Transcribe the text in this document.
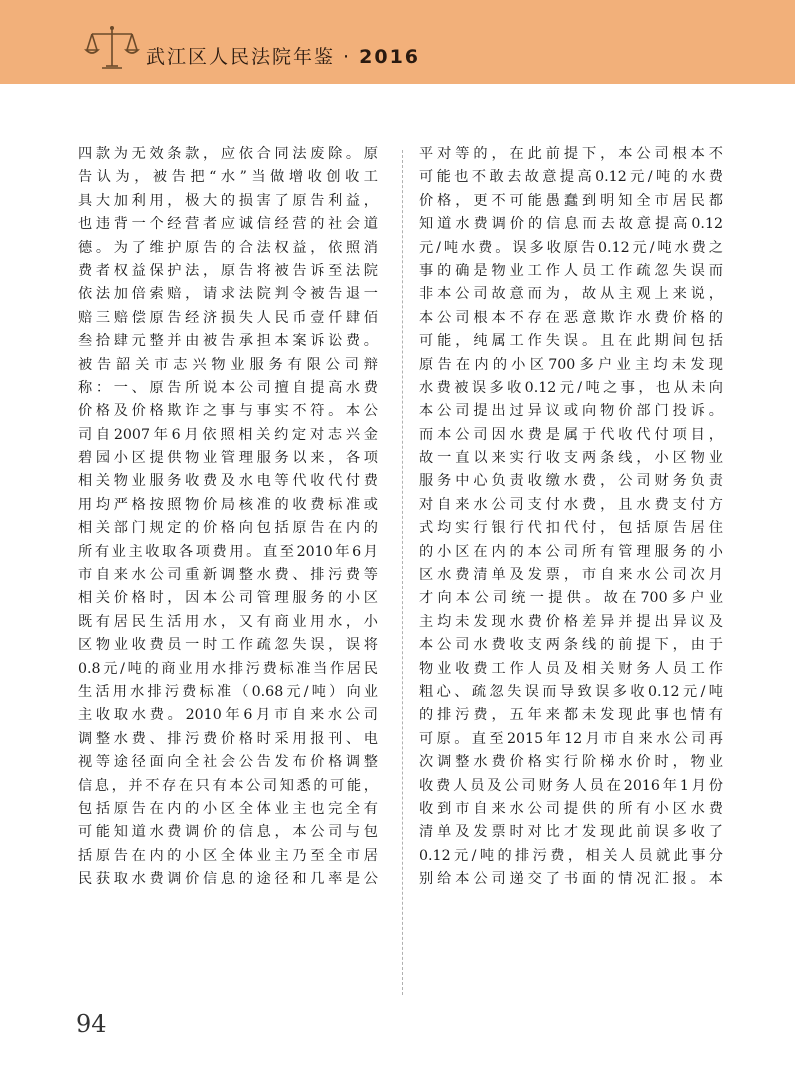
武江区人民法院年鉴 · 2016
四款为无效条款，应依合同法废除。原
告认为，被告把“水”当做增收创收工
具大加利用，极大的损害了原告利益，
也违背一个经营者应诚信经营的社会道
德。为了维护原告的合法权益，依照消
费者权益保护法，原告将被告诉至法院
依法加倍索赔，请求法院判令被告退一
赔三赔偿原告经济损失人民币壹仟肆佰
叁拾肆元整并由被告承担本案诉讼费。
被告韶关市志兴物业服务有限公司辩
称：一、原告所说本公司擅自提高水费
价格及价格欺诈之事与事实不符。本公
司自2007年6月依照相关约定对志兴金
碧园小区提供物业管理服务以来，各项
相关物业服务收费及水电等代收代付费
用均严格按照物价局核准的收费标准或
相关部门规定的价格向包括原告在内的
所有业主收取各项费用。直至2010年6月
市自来水公司重新调整水费、排污费等
相关价格时，因本公司管理服务的小区
既有居民生活用水，又有商业用水，小
区物业收费员一时工作疏忽失误，误将
0.8元/吨的商业用水排污费标准当作居民
生活用水排污费标准（0.68元/吨）向业
主收取水费。2010年6月市自来水公司
调整水费、排污费价格时采用报刊、电
视等途径面向全社会公告发布价格调整
信息，并不存在只有本公司知悉的可能，
包括原告在内的小区全体业主也完全有
可能知道水费调价的信息，本公司与包
括原告在内的小区全体业主乃至全市居
民获取水费调价信息的途径和几率是公
平对等的，在此前提下，本公司根本不
可能也不敢去故意提高0.12元/吨的水费
价格，更不可能愚蠢到明知全市居民都
知道水费调价的信息而去故意提高0.12
元/吨水费。误多收原告0.12元/吨水费之
事的确是物业工作人员工作疏忽失误而
非本公司故意而为，故从主观上来说，
本公司根本不存在恶意欺诈水费价格的
可能，纯属工作失误。且在此期间包括
原告在内的小区700多户业主均未发现
水费被误多收0.12元/吨之事，也从未向
本公司提出过异议或向物价部门投诉。
而本公司因水费是属于代收代付项目，
故一直以来实行收支两条线，小区物业
服务中心负责收缴水费，公司财务负责
对自来水公司支付水费，且水费支付方
式均实行银行代扣代付，包括原告居住
的小区在内的本公司所有管理服务的小
区水费清单及发票，市自来水公司次月
才向本公司统一提供。故在700多户业
主均未发现水费价格差异并提出异议及
本公司水费收支两条线的前提下，由于
物业收费工作人员及相关财务人员工作
粗心、疏忽失误而导致误多收0.12元/吨
的排污费，五年来都未发现此事也情有
可原。直至2015年12月市自来水公司再
次调整水费价格实行阶梯水价时，物业
收费人员及公司财务人员在2016年1月份
收到市自来水公司提供的所有小区水费
清单及发票时对比才发现此前误多收了
0.12元/吨的排污费，相关人员就此事分
别给本公司递交了书面的情况汇报。本
94
